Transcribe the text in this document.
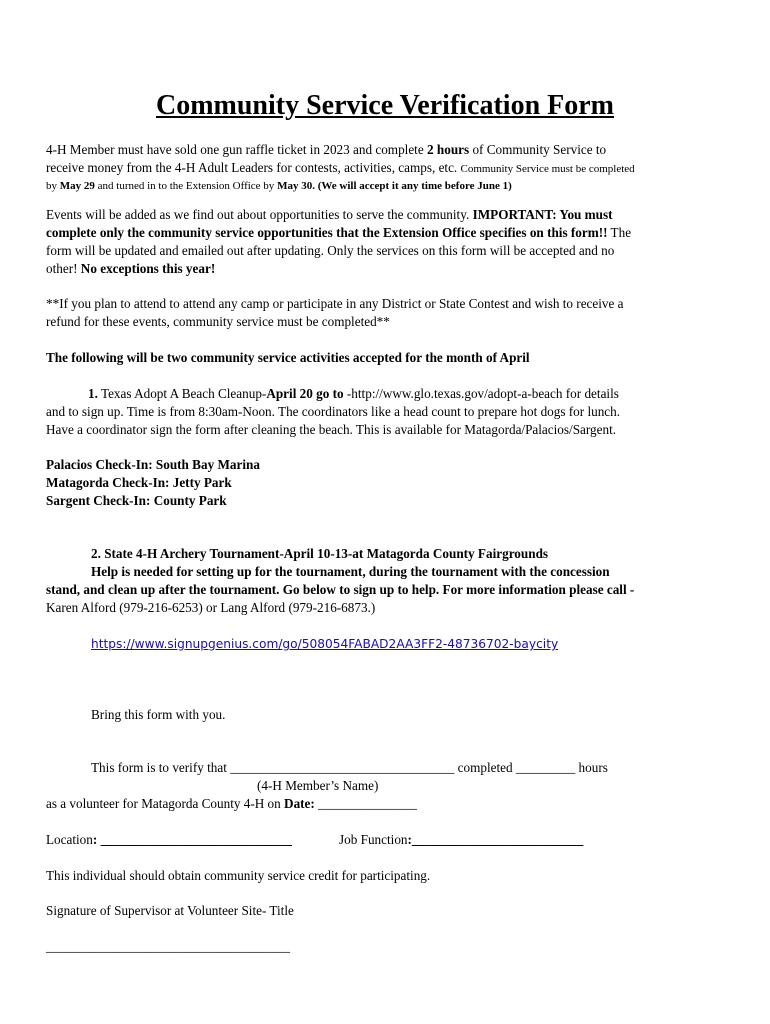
Community Service Verification Form
4-H Member must have sold one gun raffle ticket in 2023 and complete 2 hours of Community Service to
receive money from the 4-H Adult Leaders for contests, activities, camps, etc. Community Service must be completed
by May 29 and turned in to the Extension Office by May 30. (We will accept it any time before June 1)
Events will be added as we find out about opportunities to serve the community. IMPORTANT: You must
complete only the community service opportunities that the Extension Office specifies on this form!! The
form will be updated and emailed out after updating. Only the services on this form will be accepted and no
other! No exceptions this year!
**If you plan to attend to attend any camp or participate in any District or State Contest and wish to receive a
refund for these events, community service must be completed**
The following will be two community service activities accepted for the month of April
1. Texas Adopt A Beach Cleanup-April 20 go to -http://www.glo.texas.gov/adopt-a-beach for details
and to sign up. Time is from 8:30am-Noon. The coordinators like a head count to prepare hot dogs for lunch.
Have a coordinator sign the form after cleaning the beach. This is available for Matagorda/Palacios/Sargent.
Palacios Check-In: South Bay Marina
Matagorda Check-In: Jetty Park
Sargent Check-In: County Park
2. State 4-H Archery Tournament-April 10-13-at Matagorda County Fairgrounds
Help is needed for setting up for the tournament, during the tournament with the concession
stand, and clean up after the tournament. Go below to sign up to help. For more information please call -
Karen Alford (979-216-6253) or Lang Alford (979-216-6873.)
https://www.signupgenius.com/go/508054FABAD2AA3FF2-48736702-baycity
Bring this form with you.
This form is to verify that __________________________________ completed _________ hours
(4-H Member’s Name)
as a volunteer for Matagorda County 4-H on Date: _______________
Location: _____________________________	Job Function:__________________________
This individual should obtain community service credit for participating.
Signature of Supervisor at Volunteer Site- Title
_____________________________________
